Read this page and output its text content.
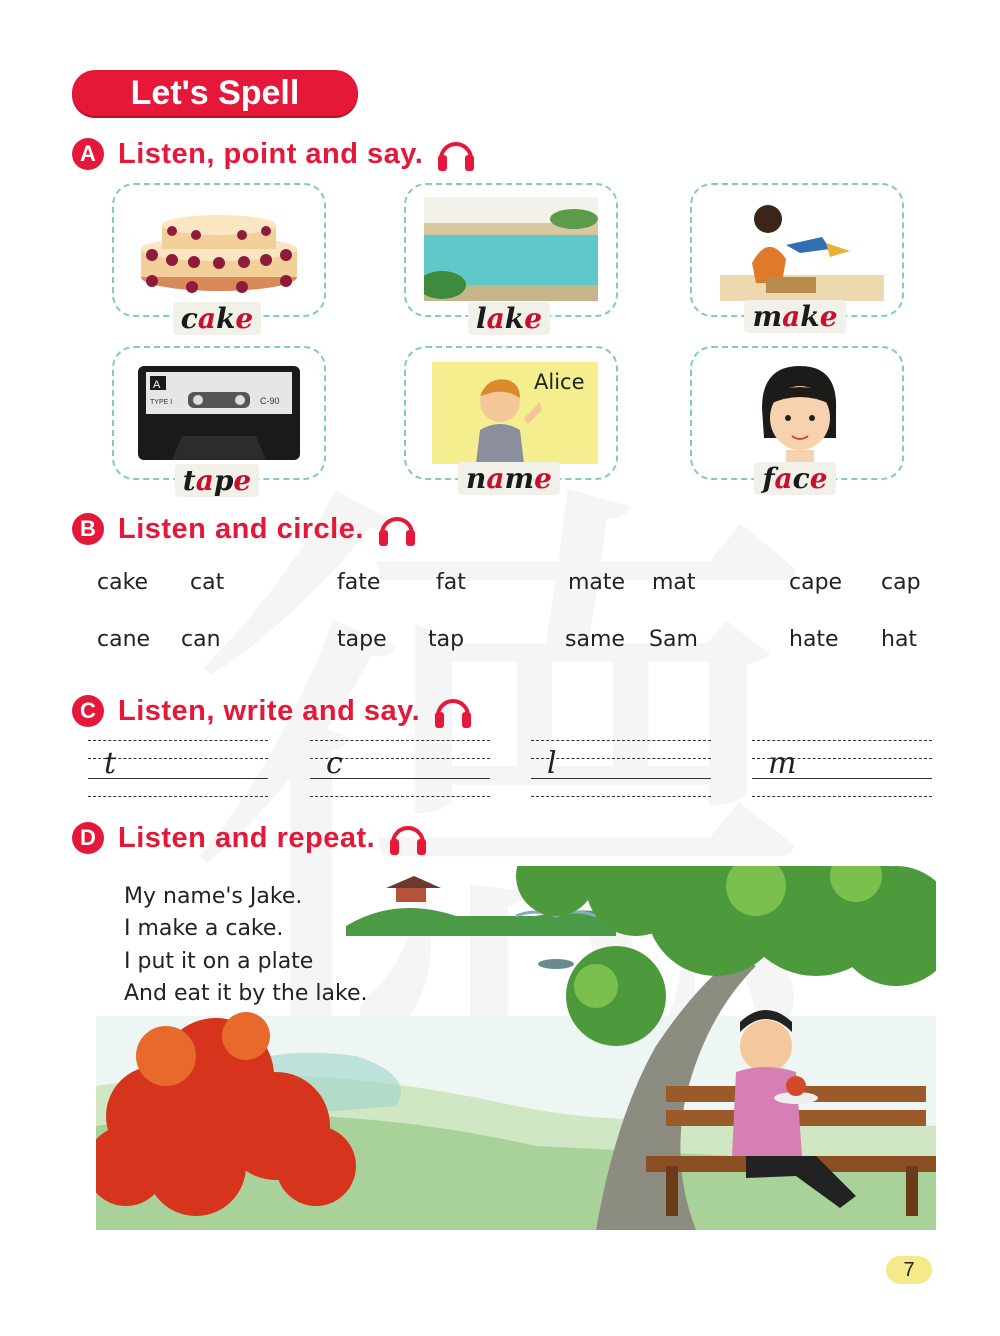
Let's Spell
A Listen, point and say.
cake	lake	make
A
TYPE I	C-90
tape
Alice
name	face
B Listen and circle.
cake cat	fate	fat	mate mat	cape cap
cane can	tape tap	same Sam	hate hat
C Listen, write and say.
t	c	l	m
D Listen and repeat.
My name's Jake.
I make a cake.
I put it on a plate
And eat it by the lake.
7
